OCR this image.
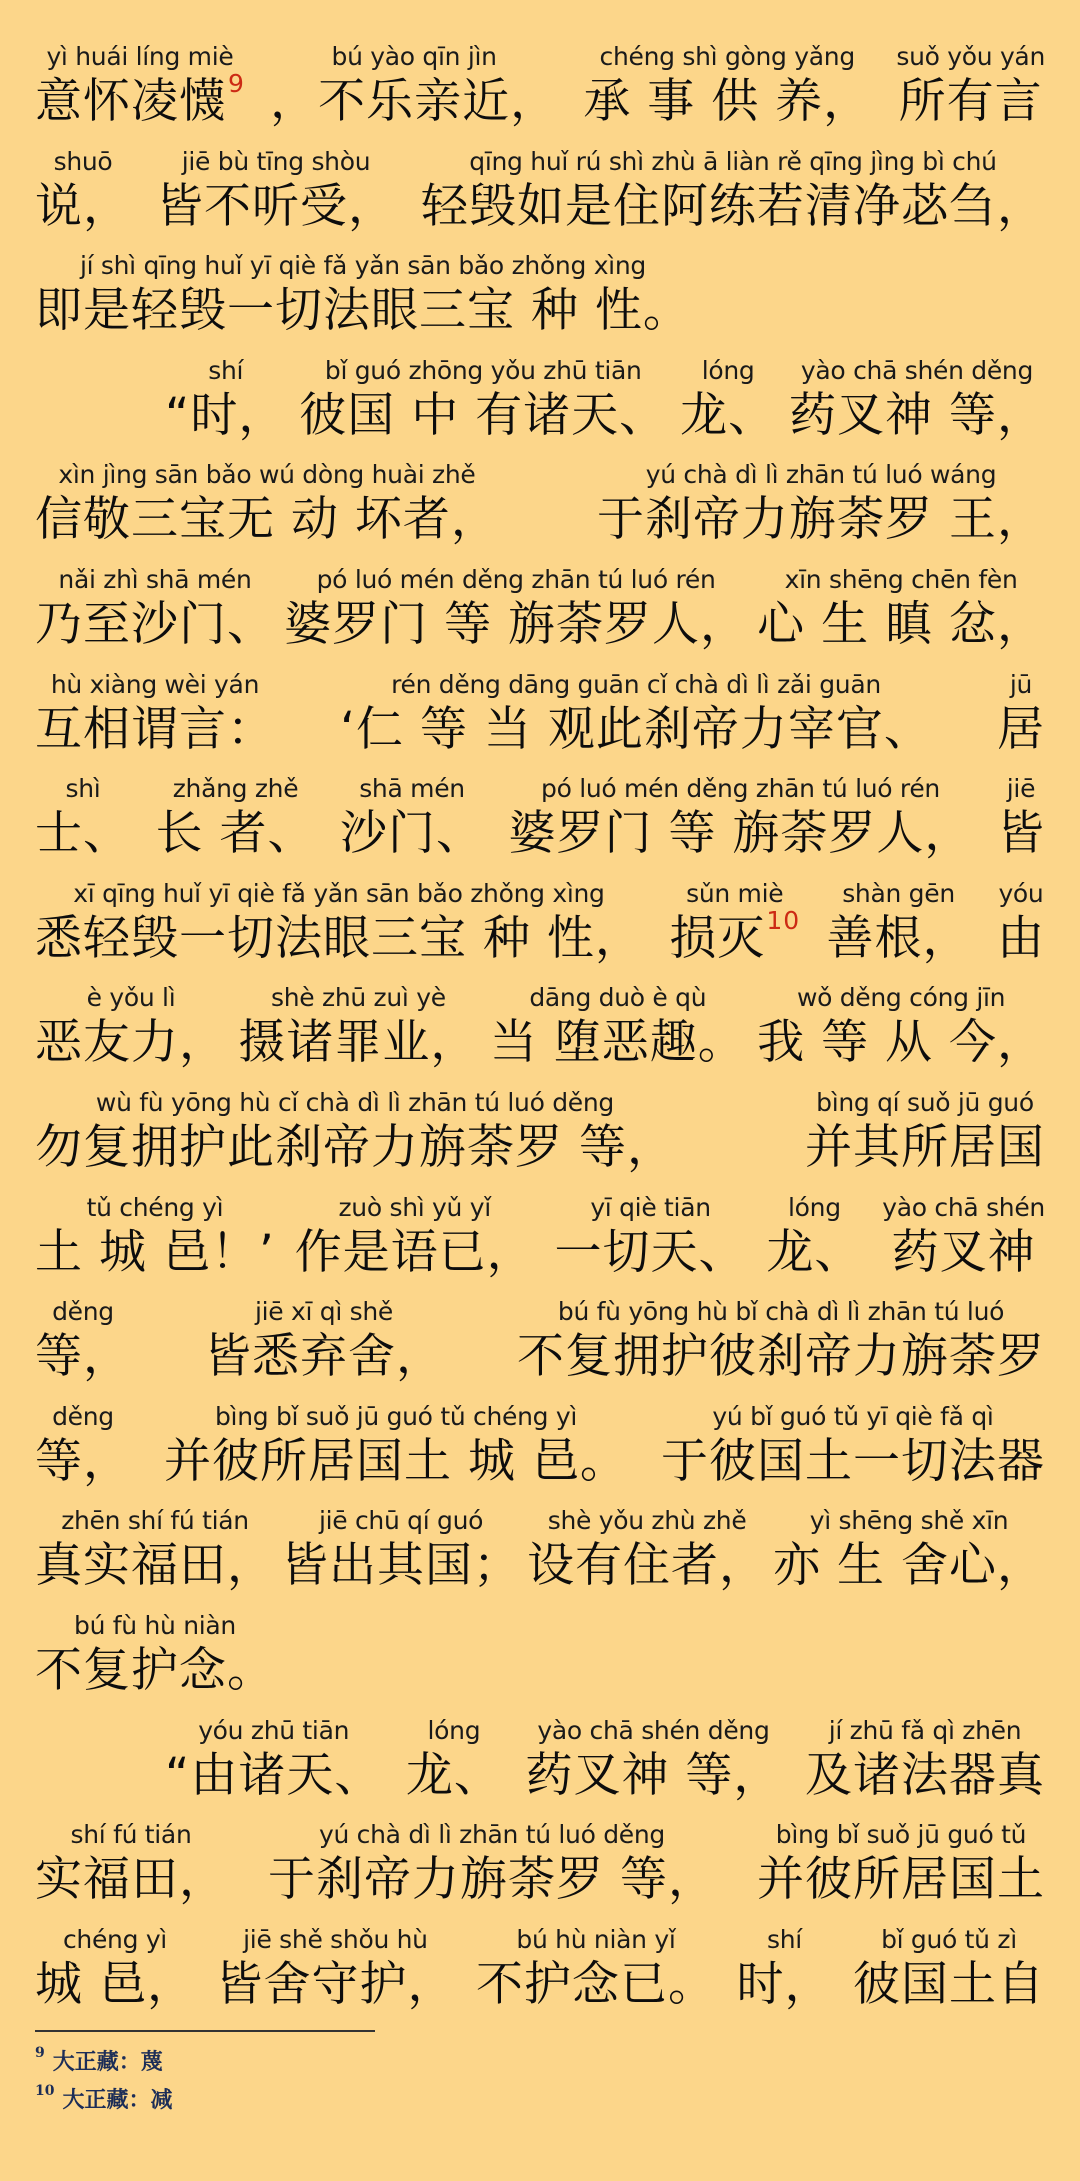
yì huái líng miè
意怀凌懱$^9$
bú yào qīn jìn
，不乐亲近，
chéng shì gòng yǎng
承 事 供 养，
suǒ yǒu yán
所有言
shuō
说，
jiē bù tīng shòu
皆不听受，
qīng huǐ rú shì zhù ā liàn rě qīng jìng bì chú
轻毁如是住阿练若清净苾刍，
jí shì qīng huǐ yī qiè fǎ yǎn sān bǎo zhǒng xìng
即是轻毁一切法眼三宝 种 性。
shí
“时，
bǐ guó zhōng yǒu zhū tiān
彼国 中 有诸天、
lóng
龙、
yào chā shén děng
药叉神 等，
xìn jìng sān bǎo wú dòng huài zhě
信敬三宝无 动 坏者，
yú chà dì lì zhān tú luó wáng
于刹帝力旃荼罗 王，
nǎi zhì shā mén
乃至沙门、
pó luó mén děng zhān tú luó rén
婆罗门 等 旃荼罗人，
xīn shēng chēn fèn
心 生 瞋 忿，
hù xiàng wèi yán
互相谓言：
rén děng dāng guān cǐ chà dì lì zǎi guān
‘仁 等 当 观此刹帝力宰官、
jū
居
shì
士、
zhǎng zhě
长 者、
shā mén
沙门、
pó luó mén děng zhān tú luó rén
婆罗门 等 旃荼罗人，
jiē
皆
xī qīng huǐ yī qiè fǎ yǎn sān bǎo zhǒng xìng
悉轻毁一切法眼三宝 种 性，
sǔn miè
损灭$^{10}$
shàn gēn
善根，
yóu
由
è yǒu lì
恶友力，
shè zhū zuì yè
摄诸罪业，
dāng duò è qù
当 堕恶趣。
wǒ děng cóng jīn
我 等 从 今，
wù fù yōng hù cǐ chà dì lì zhān tú luó děng
勿复拥护此刹帝力旃荼罗 等，
bìng qí suǒ jū guó
并其所居国
tǔ chéng yì
土 城 邑！’
zuò shì yǔ yǐ
作是语已，
yī qiè tiān
一切天、
lóng
龙、
yào chā shén
药叉神
děng
等，
jiē xī qì shě
皆悉弃舍，
bú fù yōng hù bǐ chà dì lì zhān tú luó
不复拥护彼刹帝力旃荼罗
děng
等，
bìng bǐ suǒ jū guó tǔ chéng yì
并彼所居国土 城 邑。
yú bǐ guó tǔ yī qiè fǎ qì
于彼国土一切法器
zhēn shí fú tián
真实福田，
jiē chū qí guó
皆出其国；
shè yǒu zhù zhě
设有住者，
yì shēng shě xīn
亦 生 舍心，
bú fù hù niàn
不复护念。
yóu zhū tiān
“由诸天、
lóng
龙、
yào chā shén děng
药叉神 等，
jí zhū fǎ qì zhēn
及诸法器真
shí fú tián
实福田，
yú chà dì lì zhān tú luó děng
于刹帝力旃荼罗 等，
bìng bǐ suǒ jū guó tǔ
并彼所居国土
chéng yì
城 邑，
jiē shě shǒu hù
皆舍守护，
bú hù niàn yǐ
不护念已。
shí
时，
bǐ guó tǔ zì
彼国土自
$^9$ 大正藏：蔑
$^{10}$ 大正藏：减
